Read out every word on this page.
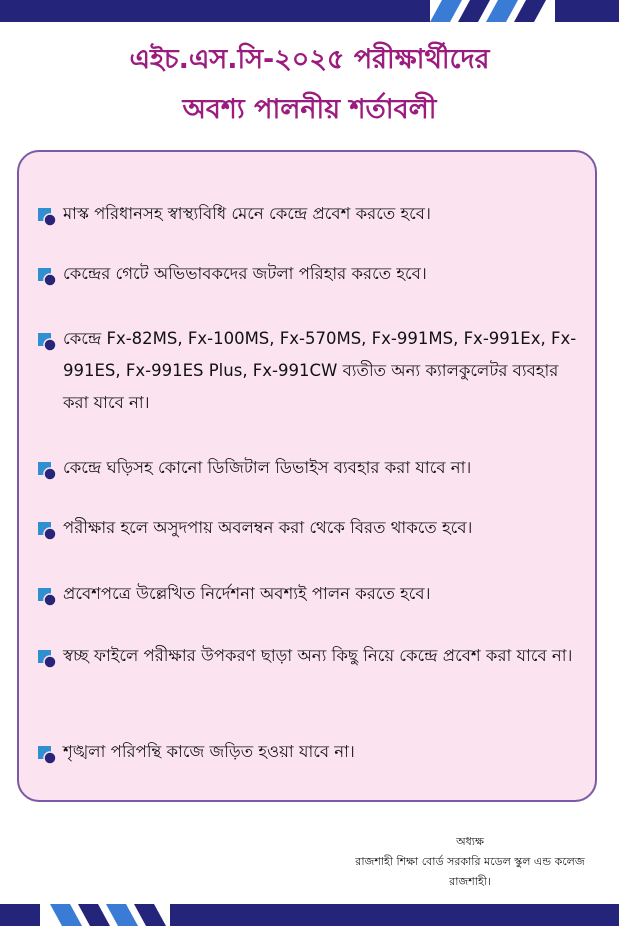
এইচ.এস.সি-২০২৫ পরীক্ষার্থীদের
অবশ্য পালনীয় শর্তাবলী
মাস্ক পরিধানসহ স্বাস্থ্যবিধি মেনে কেন্দ্রে প্রবেশ করতে হবে।
কেন্দ্রের গেটে অভিভাবকদের জটলা পরিহার করতে হবে।
কেন্দ্রে Fx-82MS, Fx-100MS, Fx-570MS, Fx-991MS, Fx-991Ex, Fx-991ES, Fx-991ES Plus, Fx-991CW ব্যতীত অন্য ক্যালকুলেটর ব্যবহার করা যাবে না।
কেন্দ্রে ঘড়িসহ কোনো ডিজিটাল ডিভাইস ব্যবহার করা যাবে না।
পরীক্ষার হলে অসুদপায় অবলম্বন করা থেকে বিরত থাকতে হবে।
প্রবেশপত্রে উল্লেখিত নির্দেশনা অবশ্যই পালন করতে হবে।
স্বচ্ছ ফাইলে পরীক্ষার উপকরণ ছাড়া অন্য কিছু নিয়ে কেন্দ্রে প্রবেশ করা যাবে না।
শৃঙ্খলা পরিপন্থি কাজে জড়িত হওয়া যাবে না।
অধ্যক্ষ
রাজশাহী শিক্ষা বোর্ড সরকারি মডেল স্কুল এন্ড কলেজ
রাজশাহী।
